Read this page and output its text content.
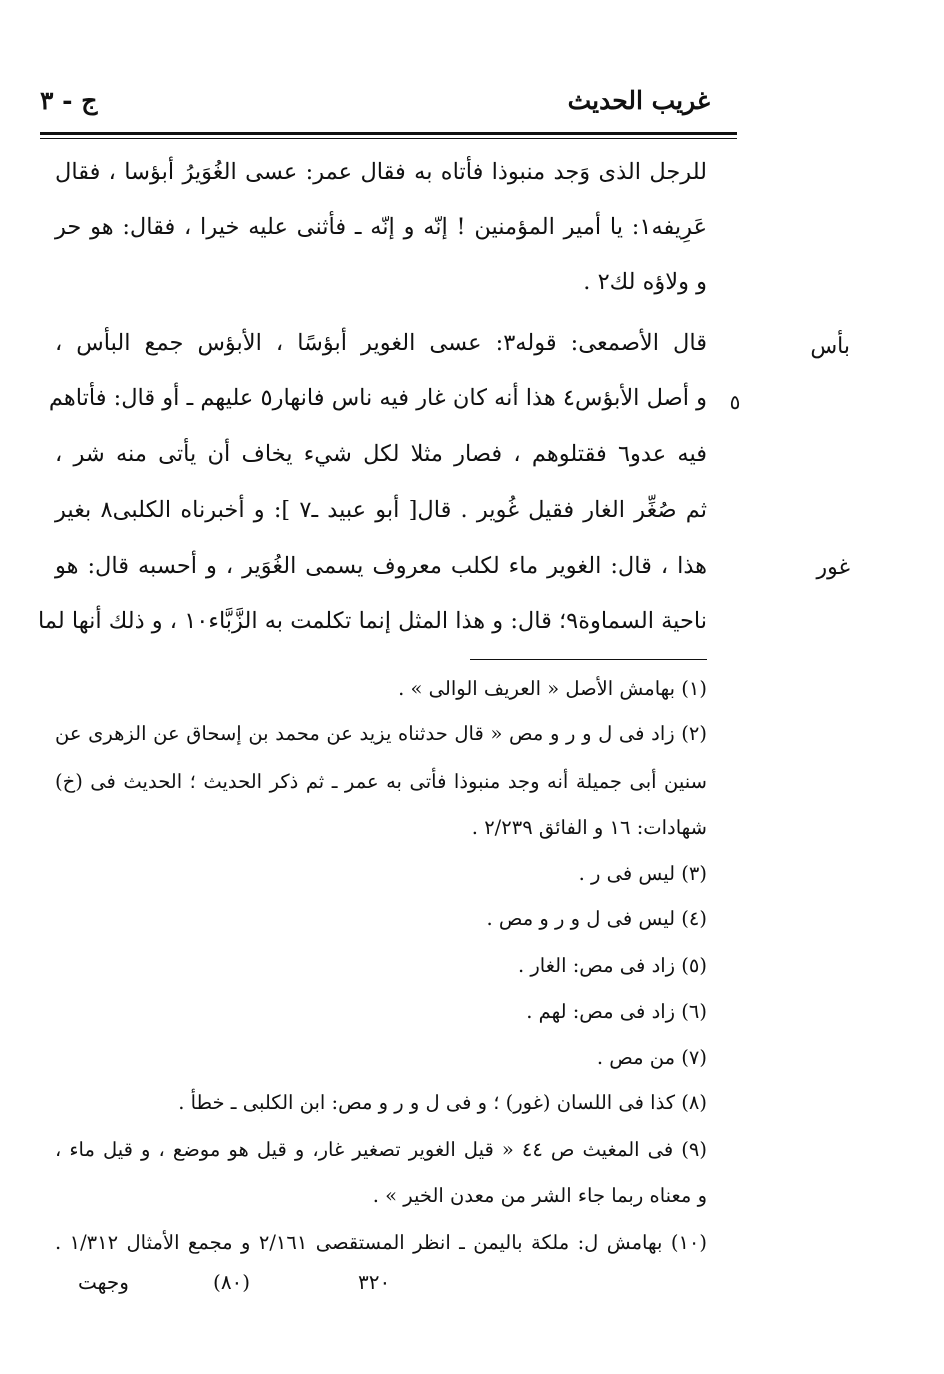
غريب الحديث
ج - ٣
للرجل الذى وَجد منبوذا فأتاه به فقال عمر: عسى الغُوَيرُ أبؤسا ، فقال
عَرِيفه١: يا أمير المؤمنين ! إنّه و إنّه ـ فأثنى عليه خيرا ، فقال: هو حر
و ولاؤه لك٢ .
قال الأصمعى: قوله٣: عسى الغوير أبؤسًا ، الأبؤس جمع البأس ،
و أصل الأبؤس٤ هذا أنه كان غار فيه ناس فانهار٥ عليهم ـ أو قال: فأتاهم
فيه عدو٦ فقتلوهم ، فصار مثلا لكل شيء يخاف أن يأتى منه شر ،
ثم صُغِّر الغار فقيل غُوير . قال[ أبو عبيد ـ٧ ]: و أخبرناه الكلبى٨ بغير
هذا ، قال: الغوير ماء لكلب معروف يسمى الغُوَير ، و أحسبه قال: هو
ناحية السماوة٩؛ قال: و هذا المثل إنما تكلمت به الزَّبَّاء١٠ ، و ذلك أنها لما
بأس
غور
٥
(١) بهامش الأصل « العريف الوالى » .
(٢) زاد فى ل و ر و مص « قال حدثناه يزيد عن محمد بن إسحاق عن الزهرى عن
سنين أبى جميلة أنه وجد منبوذا فأتى به عمر ـ ثم ذكر الحديث ؛ الحديث فى (خ)
شهادات: ١٦ و الفائق ٢/٢٣٩ .
(٣) ليس فى ر .
(٤) ليس فى ل و ر و مص .
(٥) زاد فى مص: الغار .
(٦) زاد فى مص: لهم .
(٧) من مص .
(٨) كذا فى اللسان (غور) ؛ و فى ل و ر و مص: ابن الكلبى ـ خطأ .
(٩) فى المغيث ص ٤٤ « قيل الغوير تصغير غار، و قيل هو موضع ، و قيل ماء ،
و معناه ربما جاء الشر من معدن الخير » .
(١٠) بهامش ل: ملكة باليمن ـ انظر المستقصى ٢/١٦١ و مجمع الأمثال ١/٣١٢ .
٣٢٠
(٨٠)
وجهت
